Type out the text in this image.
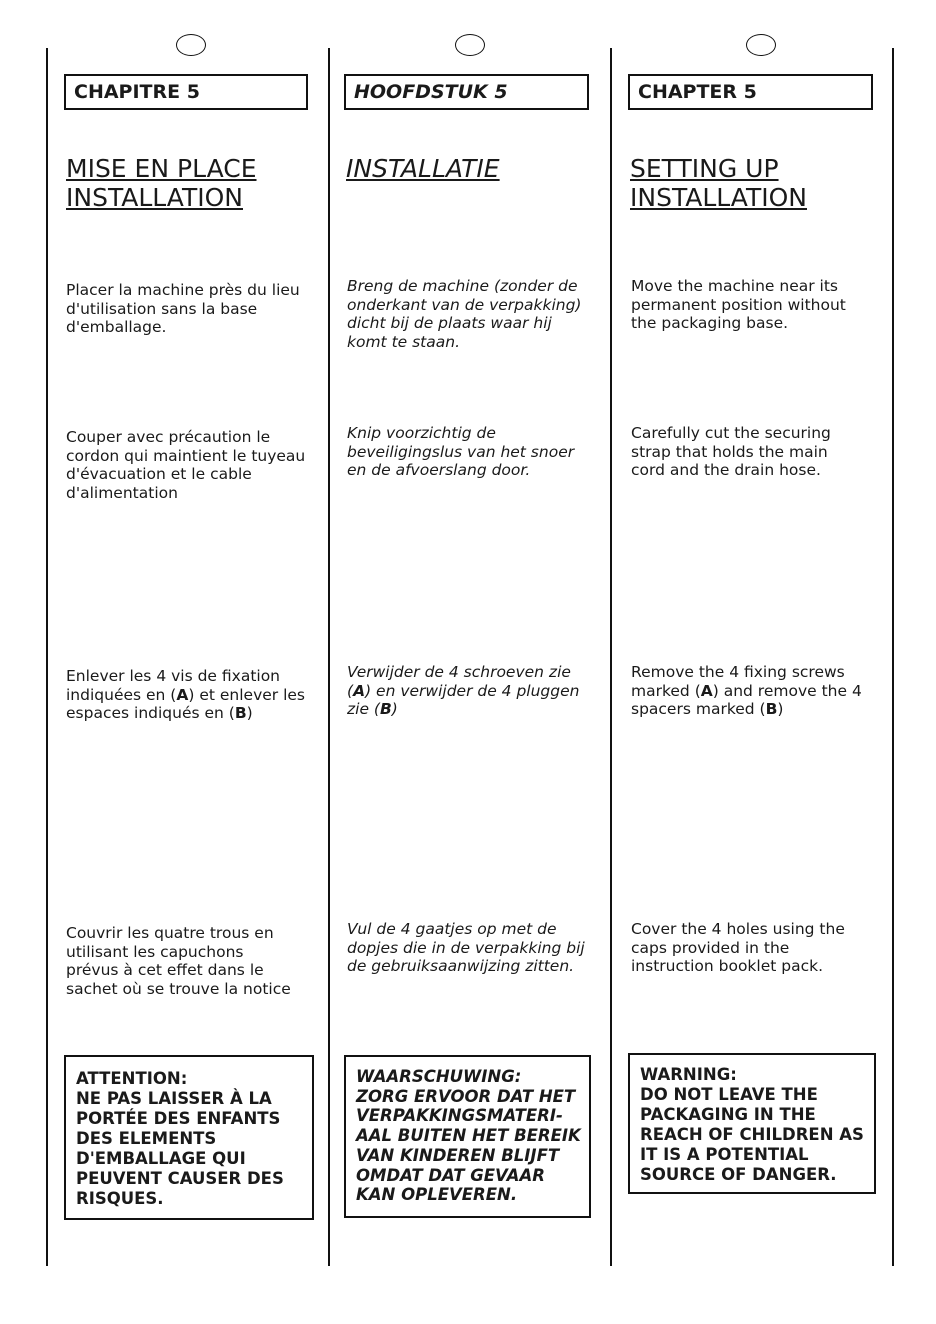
CHAPITRE 5
MISE EN PLACE
INSTALLATION
Placer la machine près du lieu d'utilisation sans la base d'emballage.
Couper avec précaution le cordon qui maintient le tuyeau d'évacuation et le cable d'alimentation
Enlever les 4 vis de fixation indiquées en (A) et enlever les espaces indiqués en (B)
Couvrir les quatre trous en utilisant les capuchons prévus à cet effet dans le sachet où se trouve la notice
ATTENTION:
NE PAS LAISSER À LA PORTÉE DES ENFANTS DES ELEMENTS D'EMBALLAGE QUI PEUVENT CAUSER DES RISQUES.
HOOFDSTUK 5
INSTALLATIE
Breng de machine (zonder de onderkant van de verpakking) dicht bij de plaats waar hij komt te staan.
Knip voorzichtig de beveiligingslus van het snoer en de afvoerslang door.
Verwijder de 4 schroeven zie (A) en verwijder de 4 pluggen zie (B)
Vul de 4 gaatjes op met de dopjes die in de verpakking bij de gebruiksaanwijzing zitten.
WAARSCHUWING:
ZORG ERVOOR DAT HET VERPAKKINGSMATERI-AAL BUITEN HET BEREIK VAN KINDEREN BLIJFT OMDAT DAT GEVAAR KAN OPLEVEREN.
CHAPTER 5
SETTING UP
INSTALLATION
Move the machine near its permanent position without the packaging base.
Carefully cut the securing strap that holds the main cord and the drain hose.
Remove the 4 fixing screws marked (A) and remove the 4 spacers marked (B)
Cover the 4 holes using the caps provided in the instruction booklet pack.
WARNING:
DO NOT LEAVE THE PACKAGING IN THE REACH OF CHILDREN AS IT IS A POTENTIAL SOURCE OF DANGER.
